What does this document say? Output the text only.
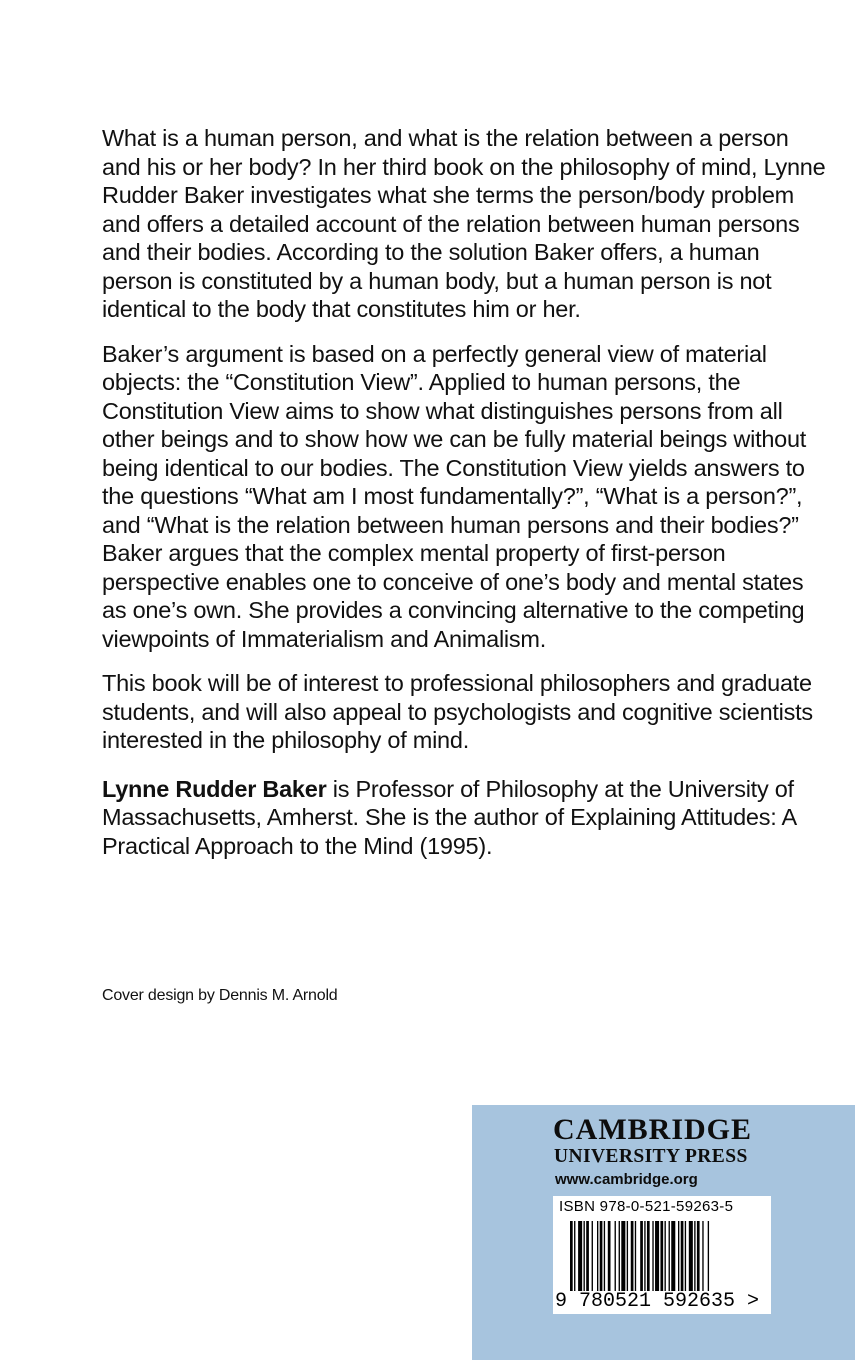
What is a human person, and what is the relation between a person and his or her body? In her third book on the philosophy of mind, Lynne Rudder Baker investigates what she terms the person/body problem and offers a detailed account of the relation between human persons and their bodies. According to the solution Baker offers, a human person is constituted by a human body, but a human person is not identical to the body that constitutes him or her.

Baker’s argument is based on a perfectly general view of material objects: the “Constitution View”. Applied to human persons, the Constitution View aims to show what distinguishes persons from all other beings and to show how we can be fully material beings without being identical to our bodies. The Constitution View yields answers to the questions “What am I most fundamentally?”, “What is a person?”, and “What is the relation between human persons and their bodies?” Baker argues that the complex mental property of first-person perspective enables one to conceive of one’s body and mental states as one’s own. She provides a convincing alternative to the competing viewpoints of Immaterialism and Animalism.

This book will be of interest to professional philosophers and graduate students, and will also appeal to psychologists and cognitive scientists interested in the philosophy of mind.

Lynne Rudder Baker is Professor of Philosophy at the University of Massachusetts, Amherst. She is the author of Explaining Attitudes: A Practical Approach to the Mind (1995).

Cover design by Dennis M. Arnold
CAMBRIDGE
UNIVERSITY PRESS
www.cambridge.org
ISBN 978-0-521-59263-5
9 780521 592635 >
